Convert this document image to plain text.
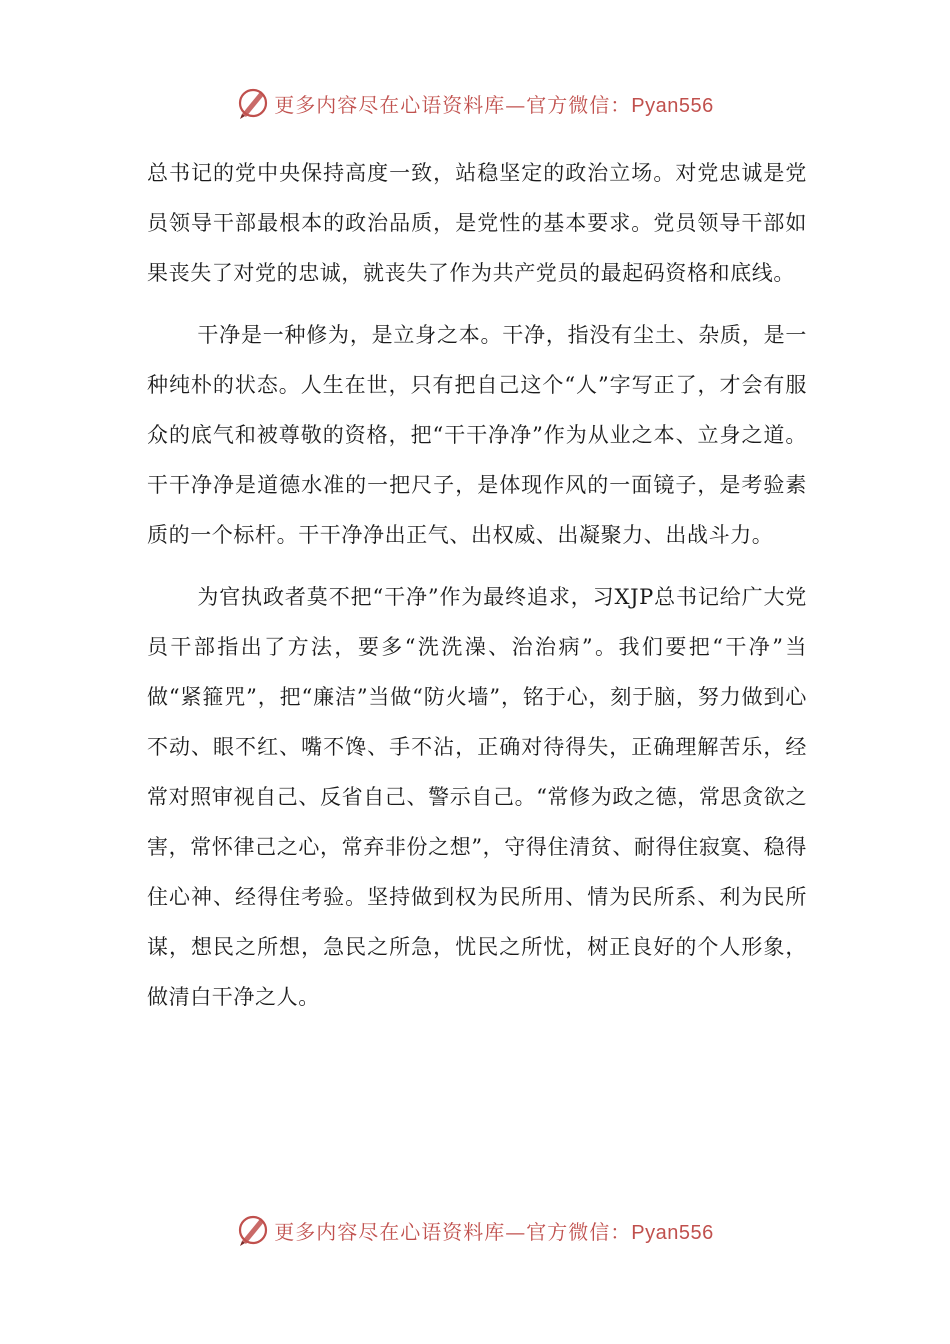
更多内容尽在心语资料库—官方微信：Pyan556

总书记的党中央保持高度一致，站稳坚定的政治立场。对党忠诚是党员领导干部最根本的政治品质，是党性的基本要求。党员领导干部如果丧失了对党的忠诚，就丧失了作为共产党员的最起码资格和底线。

干净是一种修为，是立身之本。干净，指没有尘土、杂质，是一种纯朴的状态。人生在世，只有把自己这个“人”字写正了，才会有服众的底气和被尊敬的资格，把“干干净净”作为从业之本、立身之道。干干净净是道德水准的一把尺子，是体现作风的一面镜子，是考验素质的一个标杆。干干净净出正气、出权威、出凝聚力、出战斗力。

为官执政者莫不把“干净”作为最终追求，习XJP总书记给广大党员干部指出了方法，要多“洗洗澡、治治病”。我们要把“干净”当做“紧箍咒”，把“廉洁”当做“防火墙”，铭于心，刻于脑，努力做到心不动、眼不红、嘴不馋、手不沾，正确对待得失，正确理解苦乐，经常对照审视自己、反省自己、警示自己。“常修为政之德，常思贪欲之害，常怀律己之心，常弃非份之想”，守得住清贫、耐得住寂寞、稳得住心神、经得住考验。坚持做到权为民所用、情为民所系、利为民所谋，想民之所想，急民之所急，忧民之所忧，树正良好的个人形象，做清白干净之人。

更多内容尽在心语资料库—官方微信：Pyan556
